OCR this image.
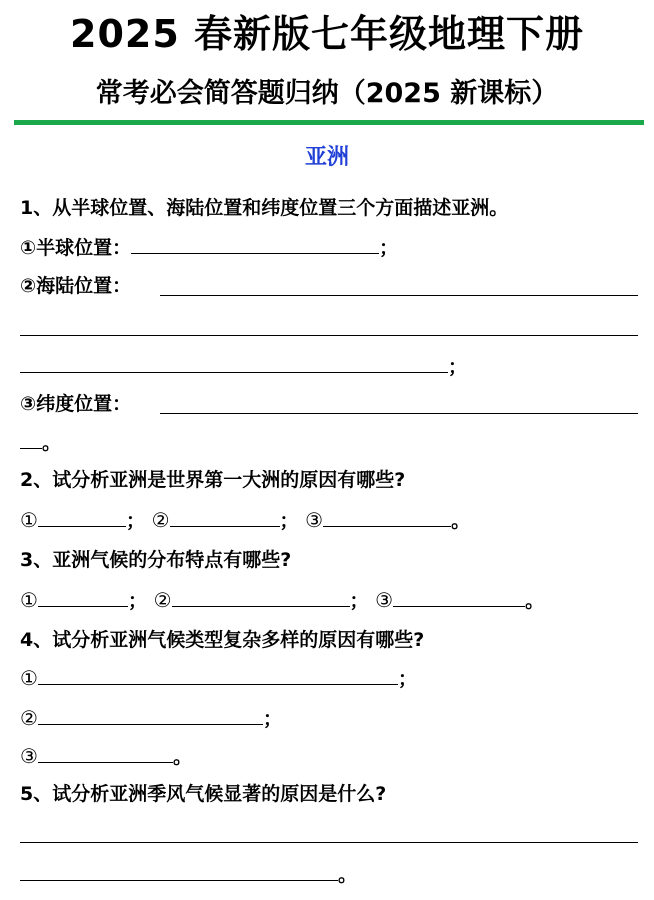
2025 春新版七年级地理下册
常考必会简答题归纳（2025 新课标）
亚洲
1、从半球位置、海陆位置和纬度位置三个方面描述亚洲。
①半球位置：	；
②海陆位置：
；
③纬度位置：
。
2、试分析亚洲是世界第一大洲的原因有哪些?
①	； ②	； ③	。
3、亚洲气候的分布特点有哪些?
①	； ②	； ③	。
4、试分析亚洲气候类型复杂多样的原因有哪些?
①	；
②	；
③	。
5、试分析亚洲季风气候显著的原因是什么?
。
